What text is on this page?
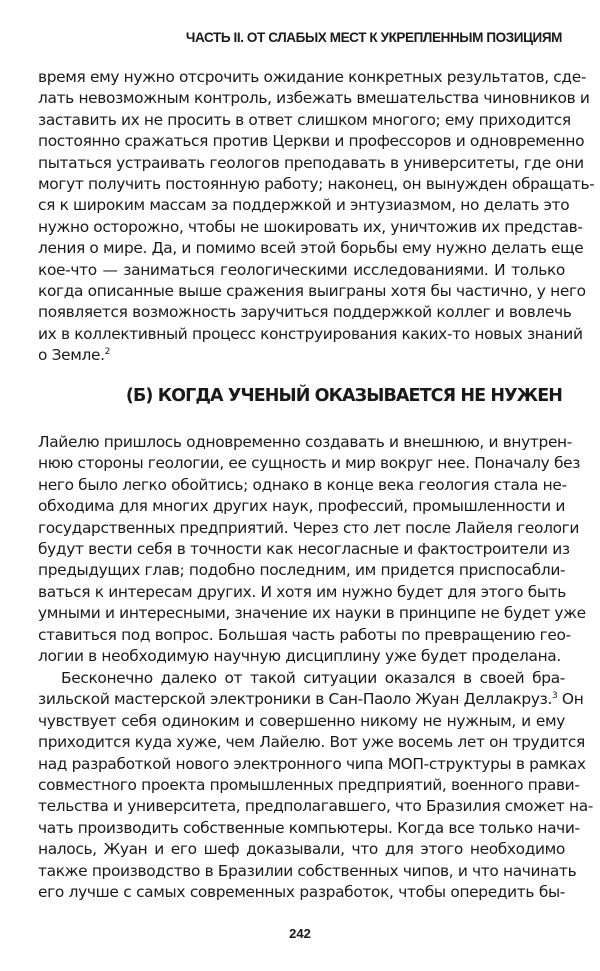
ЧАСТЬ II. ОТ СЛАБЫХ МЕСТ К УКРЕПЛЕННЫМ ПОЗИЦИЯМ
время ему нужно отсрочить ожидание конкретных результатов, сде-
лать невозможным контроль, избежать вмешательства чиновников и
заставить их не просить в ответ слишком многого; ему приходится
постоянно сражаться против Церкви и профессоров и одновременно
пытаться устраивать геологов преподавать в университеты, где они
могут получить постоянную работу; наконец, он вынужден обращать-
ся к широким массам за поддержкой и энтузиазмом, но делать это
нужно осторожно, чтобы не шокировать их, уничтожив их представ-
ления о мире. Да, и помимо всей этой борьбы ему нужно делать еще
кое-что — заниматься геологическими исследованиями. И только
когда описанные выше сражения выиграны хотя бы частично, у него
появляется возможность заручиться поддержкой коллег и вовлечь
их в коллективный процесс конструирования каких-то новых знаний
о Земле.$^2$
(Б) КОГДА УЧЕНЫЙ ОКАЗЫВАЕТСЯ НЕ НУЖЕН
Лайелю пришлось одновременно создавать и внешнюю, и внутрен-
нюю стороны геологии, ее сущность и мир вокруг нее. Поначалу без
него было легко обойтись; однако в конце века геология стала не-
обходима для многих других наук, профессий, промышленности и
государственных предприятий. Через сто лет после Лайеля геологи
будут вести себя в точности как несогласные и фактостроители из
предыдущих глав; подобно последним, им придется приспосабли-
ваться к интересам других. И хотя им нужно будет для этого быть
умными и интересными, значение их науки в принципе не будет уже
ставиться под вопрос. Большая часть работы по превращению гео-
логии в необходимую научную дисциплину уже будет проделана.
Бесконечно далеко от такой ситуации оказался в своей бра-
зильской мастерской электроники в Сан-Паоло Жуан Деллакруз.$^3$ Он
чувствует себя одиноким и совершенно никому не нужным, и ему
приходится куда хуже, чем Лайелю. Вот уже восемь лет он трудится
над разработкой нового электронного чипа МОП-структуры в рамках
совместного проекта промышленных предприятий, военного прави-
тельства и университета, предполагавшего, что Бразилия сможет на-
чать производить собственные компьютеры. Когда все только начи-
налось, Жуан и его шеф доказывали, что для этого необходимо
также производство в Бразилии собственных чипов, и что начинать
его лучше с самых современных разработок, чтобы опередить бы-
242
